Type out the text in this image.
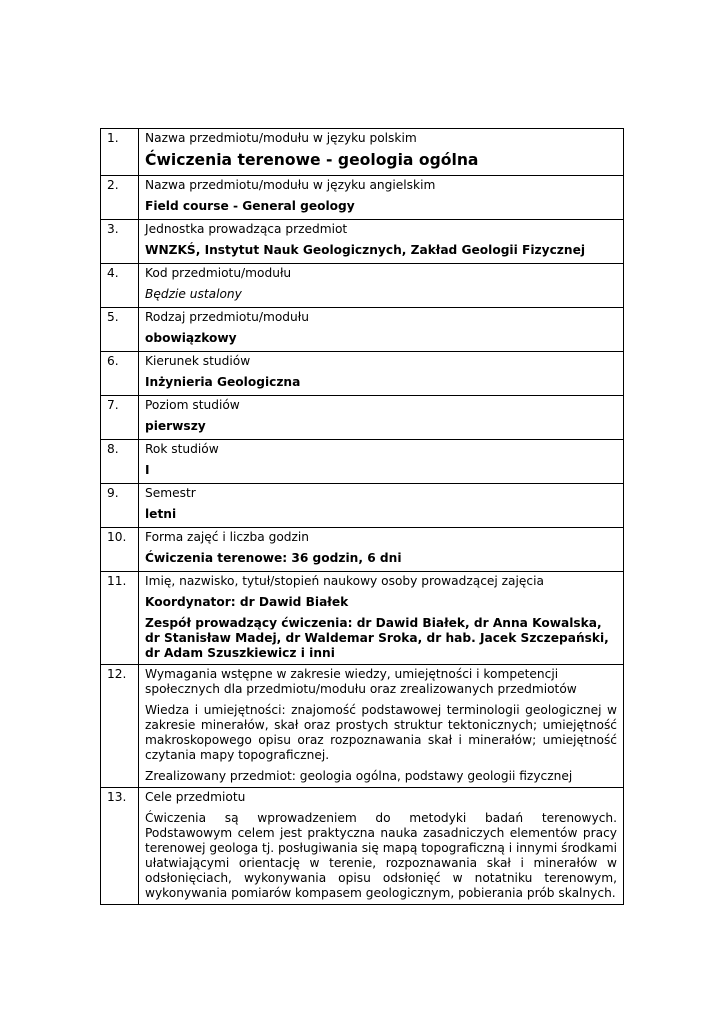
1.	Nazwa przedmiotu/modułu w języku polskim

Ćwiczenia terenowe - geologia ogólna

2.	Nazwa przedmiotu/modułu w języku angielskim

Field course - General geology

3.	Jednostka prowadząca przedmiot

WNZKŚ, Instytut Nauk Geologicznych, Zakład Geologii Fizycznej

4.	Kod przedmiotu/modułu

Będzie ustalony

5.	Rodzaj przedmiotu/modułu

obowiązkowy

6.	Kierunek studiów

Inżynieria Geologiczna

7.	Poziom studiów

pierwszy

8.	Rok studiów

I

9.	Semestr

letni

10.	Forma zajęć i liczba godzin

Ćwiczenia terenowe: 36 godzin, 6 dni

11.	Imię, nazwisko, tytuł/stopień naukowy osoby prowadzącej zajęcia

Koordynator: dr Dawid Białek

Zespół prowadzący ćwiczenia: dr Dawid Białek, dr Anna Kowalska, dr Stanisław Madej, dr Waldemar Sroka, dr hab. Jacek Szczepański, dr Adam Szuszkiewicz i inni

12.	Wymagania wstępne w zakresie wiedzy, umiejętności i kompetencji społecznych dla przedmiotu/modułu oraz zrealizowanych przedmiotów

Wiedza i umiejętności: znajomość podstawowej terminologii geologicznej w zakresie minerałów, skał oraz prostych struktur tektonicznych; umiejętność makroskopowego opisu oraz rozpoznawania skał i minerałów; umiejętność czytania mapy topograficznej.

Zrealizowany przedmiot: geologia ogólna, podstawy geologii fizycznej

13.	Cele przedmiotu

Ćwiczenia są wprowadzeniem do metodyki badań terenowych. Podstawowym celem jest praktyczna nauka zasadniczych elementów pracy terenowej geologa tj. posługiwania się mapą topograficzną i innymi środkami ułatwiającymi orientację w terenie, rozpoznawania skał i minerałów w odsłonięciach, wykonywania opisu odsłonięć w notatniku terenowym, wykonywania pomiarów kompasem geologicznym, pobierania prób skalnych.
